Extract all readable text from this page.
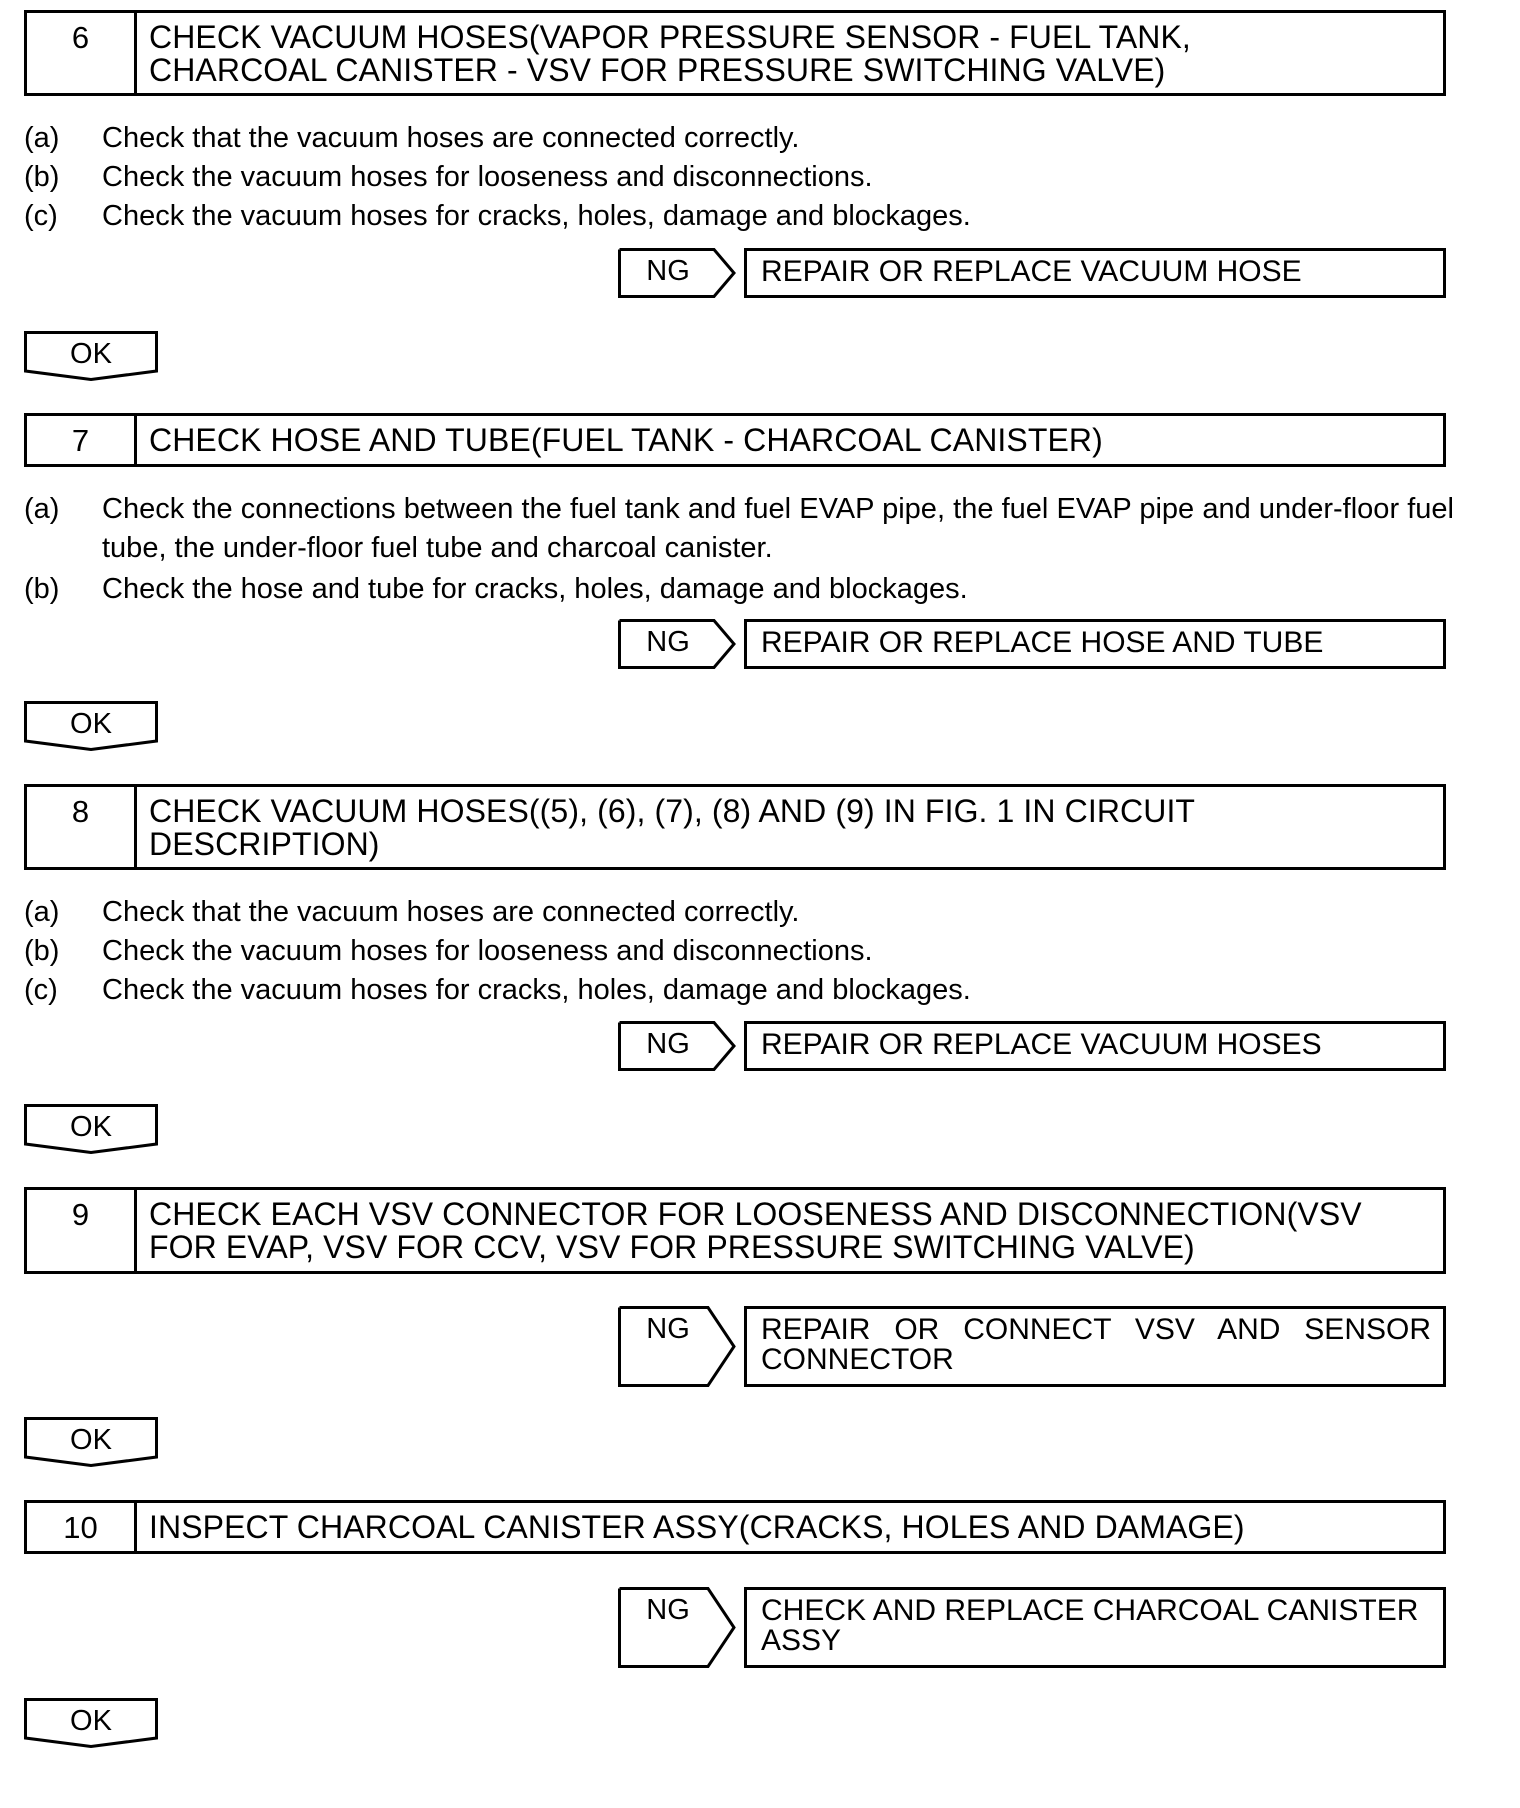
6	CHECK VACUUM HOSES(VAPOR PRESSURE SENSOR - FUEL TANK,
CHARCOAL CANISTER - VSV FOR PRESSURE SWITCHING VALVE)
(a) Check that the vacuum hoses are connected correctly.
(b) Check the vacuum hoses for looseness and disconnections.
(c) Check the vacuum hoses for cracks, holes, damage and blockages.
NG	REPAIR OR REPLACE VACUUM HOSE
OK
7	CHECK HOSE AND TUBE(FUEL TANK - CHARCOAL CANISTER)
(a) Check the connections between the fuel tank and fuel EVAP pipe, the fuel EVAP pipe and under-floor fuel tube, the under-floor fuel tube and charcoal canister.
(b) Check the hose and tube for cracks, holes, damage and blockages.
NG	REPAIR OR REPLACE HOSE AND TUBE
OK
8	CHECK VACUUM HOSES((5), (6), (7), (8) AND (9) IN FIG. 1 IN CIRCUIT
DESCRIPTION)
(a) Check that the vacuum hoses are connected correctly.
(b) Check the vacuum hoses for looseness and disconnections.
(c) Check the vacuum hoses for cracks, holes, damage and blockages.
NG	REPAIR OR REPLACE VACUUM HOSES
OK
9	CHECK EACH VSV CONNECTOR FOR LOOSENESS AND DISCONNECTION(VSV
FOR EVAP, VSV FOR CCV, VSV FOR PRESSURE SWITCHING VALVE)
NG	REPAIR OR CONNECT VSV AND SENSOR CONNECTOR
OK
10	INSPECT CHARCOAL CANISTER ASSY(CRACKS, HOLES AND DAMAGE)
NG	CHECK AND REPLACE CHARCOAL CANISTER ASSY
OK
